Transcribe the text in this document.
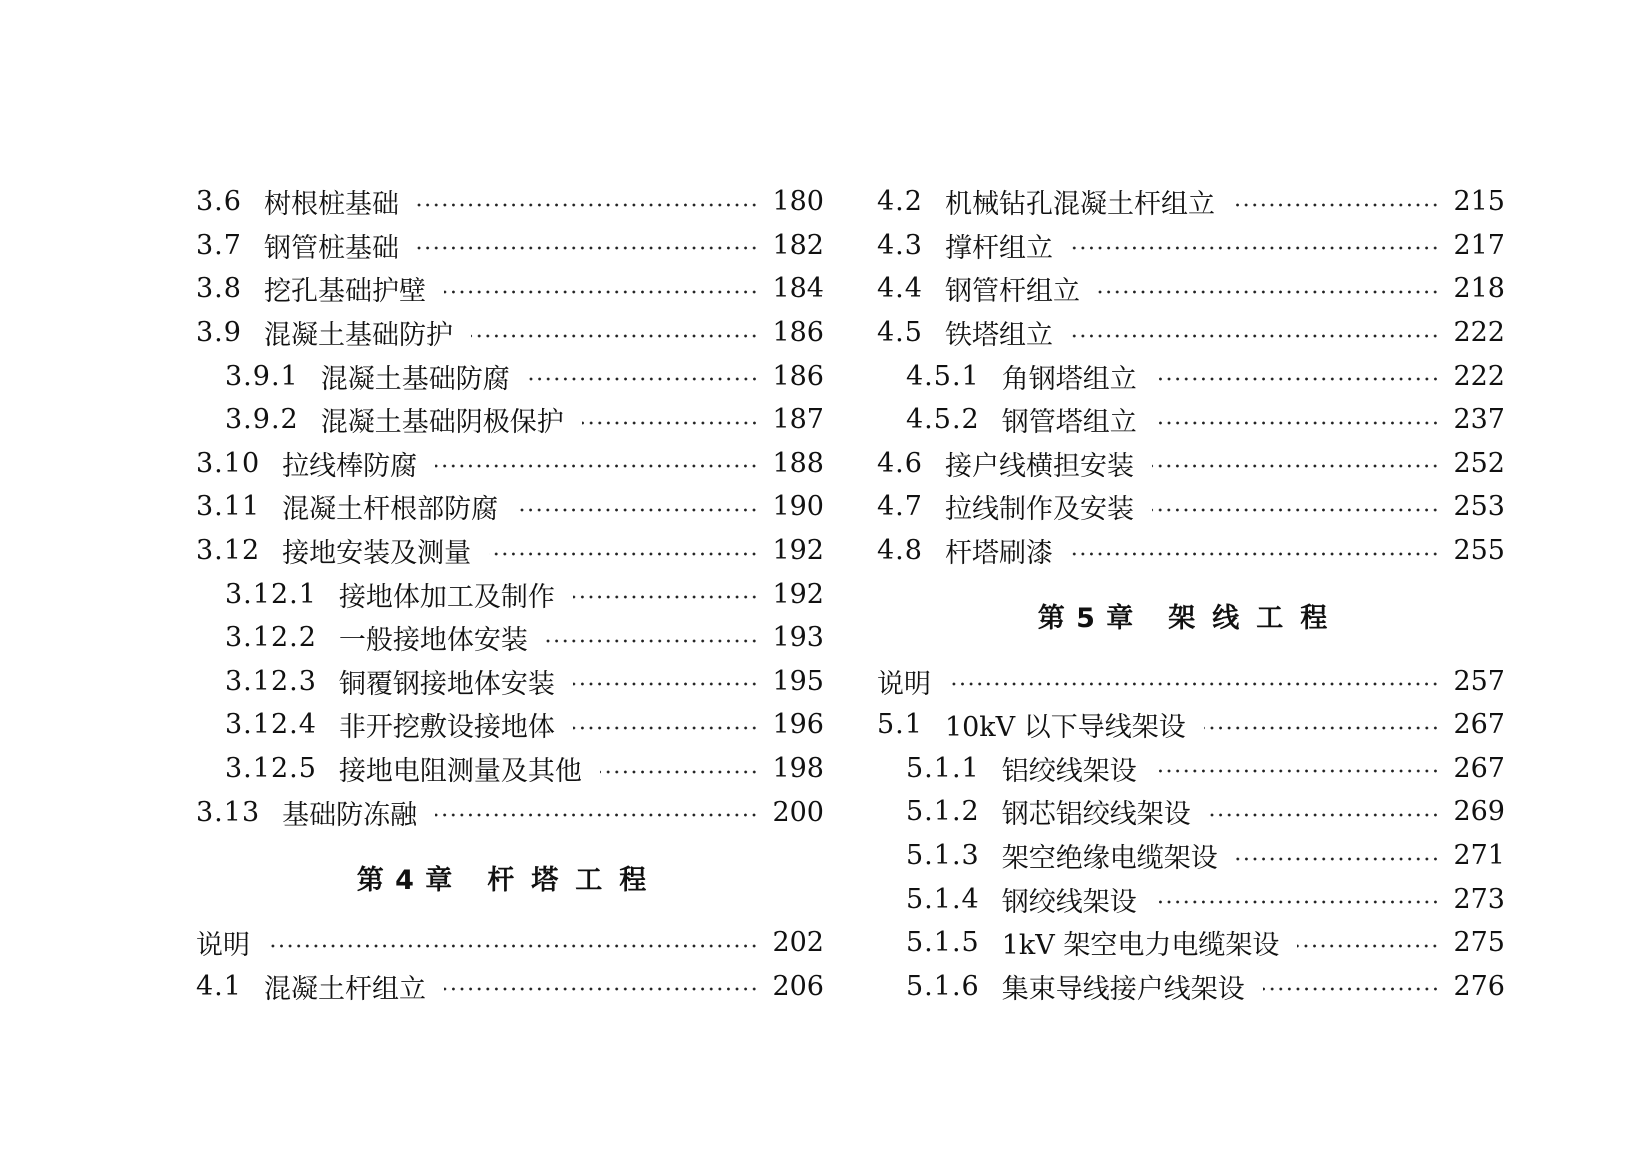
3.6 树根桩基础	180
3.7 钢管桩基础	182
3.8 挖孔基础护壁	184
3.9 混凝土基础防护	186
3.9.1 混凝土基础防腐	186
3.9.2 混凝土基础阴极保护	187
3.10 拉线棒防腐	188
3.11 混凝土杆根部防腐	190
3.12 接地安装及测量	192
3.12.1 接地体加工及制作	192
3.12.2 一般接地体安装	193
3.12.3 铜覆钢接地体安装	195
3.12.4 非开挖敷设接地体	196
3.12.5 接地电阻测量及其他	198
3.13 基础防冻融	200
第 4 章 杆塔工程
说明	202
4.1 混凝土杆组立	206
4.2 机械钻孔混凝土杆组立	215
4.3 撑杆组立	217
4.4 钢管杆组立	218
4.5 铁塔组立	222
4.5.1 角钢塔组立	222
4.5.2 钢管塔组立	237
4.6 接户线横担安装	252
4.7 拉线制作及安装	253
4.8 杆塔刷漆	255
第 5 章 架线工程
说明	257
5.1 10kV 以下导线架设	267
5.1.1 铝绞线架设	267
5.1.2 钢芯铝绞线架设	269
5.1.3 架空绝缘电缆架设	271
5.1.4 钢绞线架设	273
5.1.5 1kV 架空电力电缆架设	275
5.1.6 集束导线接户线架设	276
